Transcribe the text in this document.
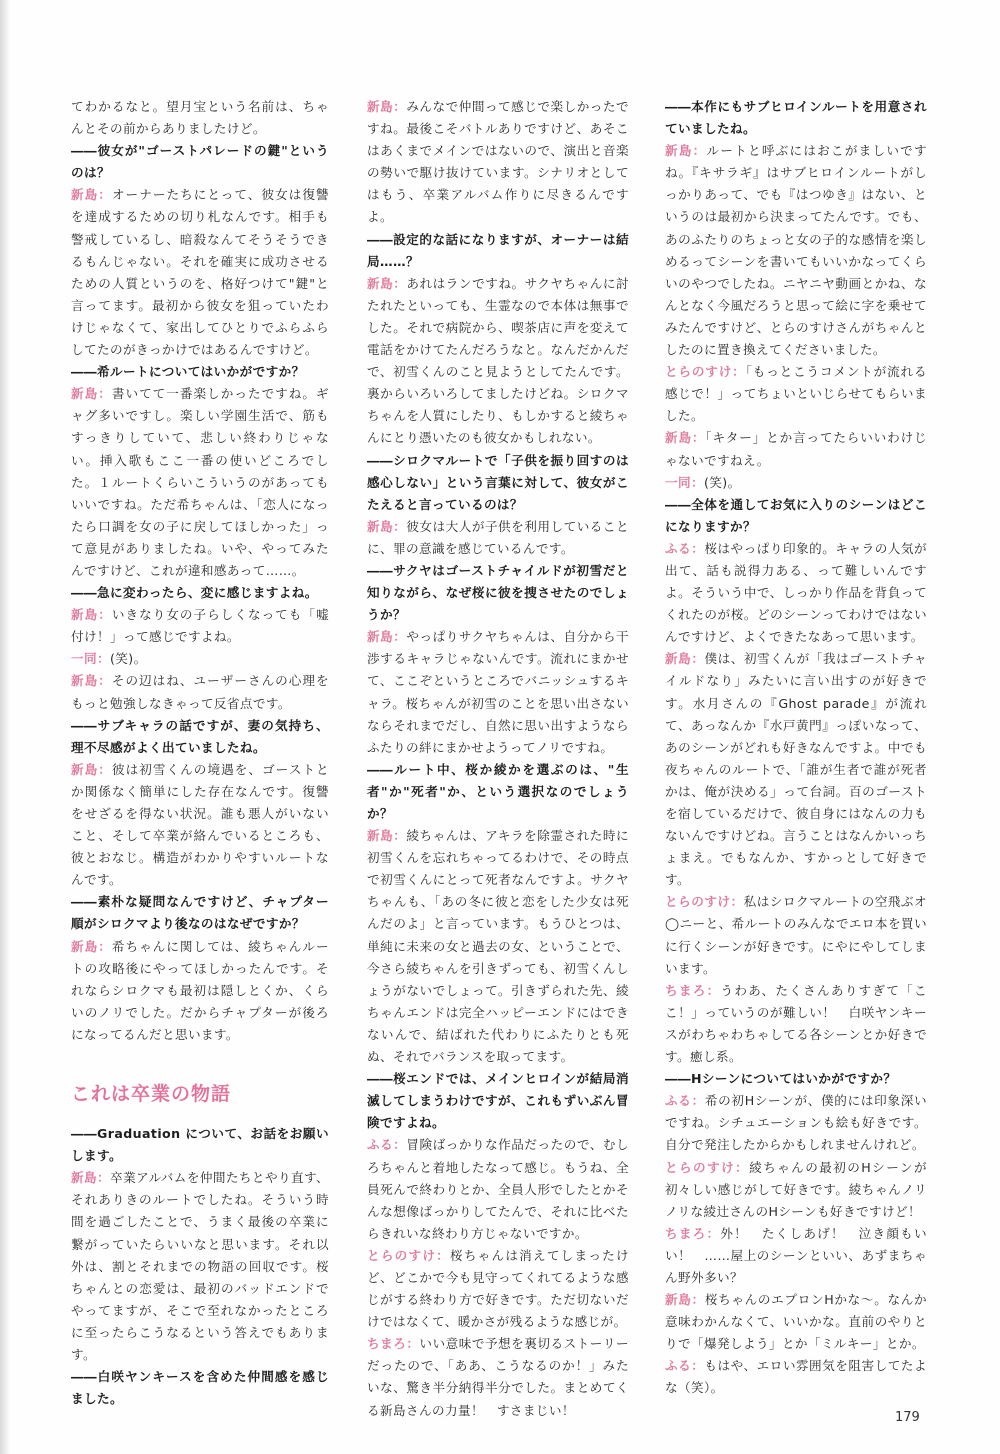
てわかるなと。望月宝という名前は、ちゃんとその前からありましたけど。

――彼女が"ゴーストパレードの鍵"というのは？

新島：オーナーたちにとって、彼女は復讐を達成するための切り札なんです。相手も警戒しているし、暗殺なんてそうそうできるもんじゃない。それを確実に成功させるための人質というのを、格好つけて"鍵"と言ってます。最初から彼女を狙っていたわけじゃなくて、家出してひとりでふらふらしてたのがきっかけではあるんですけど。

――希ルートについてはいかがですか？

新島：書いてて一番楽しかったですね。ギャグ多いですし。楽しい学園生活で、筋もすっきりしていて、悲しい終わりじゃない。挿入歌もここ一番の使いどころでした。１ルートくらいこういうのがあってもいいですね。ただ希ちゃんは、「恋人になったら口調を女の子に戻してほしかった」って意見がありましたね。いや、やってみたんですけど、これが違和感あって……。

――急に変わったら、変に感じますよね。

新島：いきなり女の子らしくなっても「嘘付け！」って感じですよね。

一同：(笑)。

新島：その辺はね、ユーザーさんの心理をもっと勉強しなきゃって反省点です。

――サブキャラの話ですが、妻の気持ち、理不尽感がよく出ていましたね。

新島：彼は初雪くんの境遇を、ゴーストとか関係なく簡単にした存在なんです。復讐をせざるを得ない状況。誰も悪人がいないこと、そして卒業が絡んでいるところも、彼とおなじ。構造がわかりやすいルートなんです。

――素朴な疑問なんですけど、チャプター順がシロクマより後なのはなぜですか？

新島：希ちゃんに関しては、綾ちゃんルートの攻略後にやってほしかったんです。それならシロクマも最初は隠しとくか、くらいのノリでした。だからチャプターが後ろになってるんだと思います。

これは卒業の物語

――Graduation について、お話をお願いします。

新島：卒業アルバムを仲間たちとやり直す、それありきのルートでしたね。そういう時間を過ごしたことで、うまく最後の卒業に繋がっていたらいいなと思います。それ以外は、割とそれまでの物語の回収です。桜ちゃんとの恋愛は、最初のバッドエンドでやってますが、そこで至れなかったところに至ったらこうなるという答えでもあります。

――白咲ヤンキースを含めた仲間感を感じました。

新島：みんなで仲間って感じで楽しかったですね。最後こそバトルありですけど、あそこはあくまでメインではないので、演出と音楽の勢いで駆け抜けています。シナリオとしてはもう、卒業アルバム作りに尽きるんですよ。

――設定的な話になりますが、オーナーは結局……？

新島：あれはランですね。サクヤちゃんに討たれたといっても、生霊なので本体は無事でした。それで病院から、喫茶店に声を変えて電話をかけてたんだろうなと。なんだかんだで、初雪くんのこと見ようとしてたんです。裏からいろいろしてましたけどね。シロクマちゃんを人質にしたり、もしかすると綾ちゃんにとり憑いたのも彼女かもしれない。

――シロクマルートで「子供を振り回すのは感心しない」という言葉に対して、彼女がこたえると言っているのは？

新島：彼女は大人が子供を利用していることに、罪の意識を感じているんです。

――サクヤはゴーストチャイルドが初雪だと知りながら、なぜ桜に彼を捜させたのでしょうか？

新島：やっぱりサクヤちゃんは、自分から干渉するキャラじゃないんです。流れにまかせて、ここぞというところでバニッシュするキャラ。桜ちゃんが初雪のことを思い出さないならそれまでだし、自然に思い出すようならふたりの絆にまかせようってノリですね。

――ルート中、桜か綾かを選ぶのは、"生者"か"死者"か、という選択なのでしょうか？

新島：綾ちゃんは、アキラを除霊された時に初雪くんを忘れちゃってるわけで、その時点で初雪くんにとって死者なんですよ。サクヤちゃんも、「あの冬に彼と恋をした少女は死んだのよ」と言っています。もうひとつは、単純に未来の女と過去の女、ということで、今さら綾ちゃんを引きずっても、初雪くんしょうがないでしょって。引きずられた先、綾ちゃんエンドは完全ハッピーエンドにはできないんで、結ばれた代わりにふたりとも死ぬ、それでバランスを取ってます。

――桜エンドでは、メインヒロインが結局消滅してしまうわけですが、これもずいぶん冒険ですよね。

ふる：冒険ばっかりな作品だったので、むしろちゃんと着地したなって感じ。もうね、全員死んで終わりとか、全員人形でしたとかそんな想像ばっかりしてたんで、それに比べたらきれいな終わり方じゃないですか。

とらのすけ：桜ちゃんは消えてしまったけど、どこかで今も見守ってくれてるような感じがする終わり方で好きです。ただ切ないだけではなくて、暖かさが残るような感じが。

ちまろ：いい意味で予想を裏切るストーリーだったので、「ああ、こうなるのか！」みたいな、驚き半分納得半分でした。まとめてくる新島さんの力量！　すさまじい！

――本作にもサブヒロインルートを用意されていましたね。

新島：ルートと呼ぶにはおこがましいですね。『キサラギ』はサブヒロインルートがしっかりあって、でも『はつゆき』はない、というのは最初から決まってたんです。でも、あのふたりのちょっと女の子的な感情を楽しめるってシーンを書いてもいいかなってくらいのやつでしたね。ニヤニヤ動画とかね、なんとなく今風だろうと思って絵に字を乗せてみたんですけど、とらのすけさんがちゃんとしたのに置き換えてくださいました。

とらのすけ：「もっとこうコメントが流れる感じで！」ってちょいといじらせてもらいました。

新島：「キター」とか言ってたらいいわけじゃないですねえ。

一同：(笑)。

――全体を通してお気に入りのシーンはどこになりますか？

ふる：桜はやっぱり印象的。キャラの人気が出て、話も説得力ある、って難しいんですよ。そういう中で、しっかり作品を背負ってくれたのが桜。どのシーンってわけではないんですけど、よくできたなあって思います。

新島：僕は、初雪くんが「我はゴーストチャイルドなり」みたいに言い出すのが好きです。水月さんの『Ghost parade』が流れて、あっなんか『水戸黄門』っぽいなって、あのシーンがどれも好きなんですよ。中でも夜ちゃんのルートで、「誰が生者で誰が死者かは、俺が決める」って台詞。百のゴーストを宿しているだけで、彼自身にはなんの力もないんですけどね。言うことはなんかいっちょまえ。でもなんか、すかっとして好きです。

とらのすけ：私はシロクマルートの空飛ぶオ◯ニーと、希ルートのみんなでエロ本を買いに行くシーンが好きです。にやにやしてしまいます。

ちまろ：うわあ、たくさんありすぎて「ここ！」っていうのが難しい！　白咲ヤンキースがわちゃわちゃしてる各シーンとか好きです。癒し系。

――Hシーンについてはいかがですか？

ふる：希の初Hシーンが、僕的には印象深いですね。シチュエーションも絵も好きです。自分で発注したからかもしれませんけれど。

とらのすけ：綾ちゃんの最初のHシーンが初々しい感じがして好きです。綾ちゃんノリノリな綾辻さんのHシーンも好きですけど！

ちまろ：外！　たくしあげ！　泣き顔もいい！　……屋上のシーンといい、あずまちゃん野外多い？

新島：桜ちゃんのエプロンHかな～。なんか意味わかんなくて、いいかな。直前のやりとりで「爆発しよう」とか「ミルキー」とか。

ふる：もはや、エロい雰囲気を阻害してたよな（笑）。

179
